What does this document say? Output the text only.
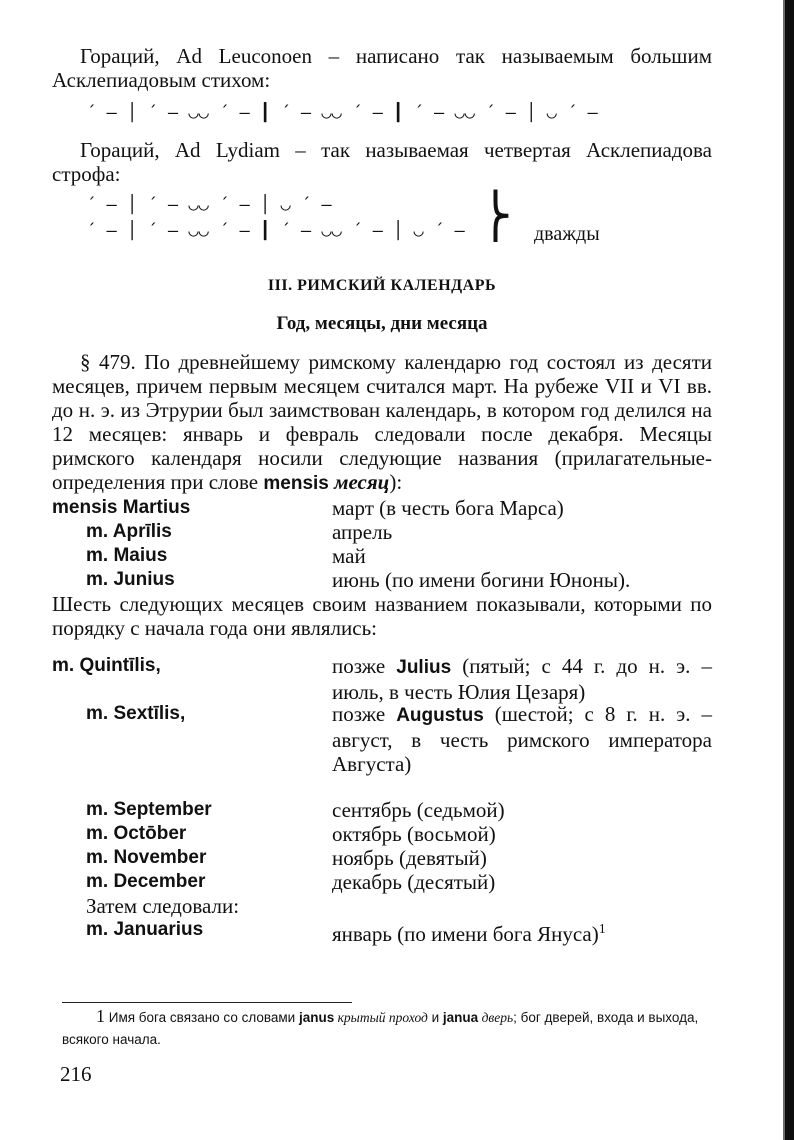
Гораций, Ad Leuconoen – написано так называемым большим Асклепиадовым стихом:

´ ‒ │ ´ ‒ ◡◡ ´ ‒ ┃ ´ ‒ ◡◡ ´ ‒ ┃ ´ ‒ ◡◡ ´ ‒ │ ◡ ´ ‒

Гораций, Ad Lydiam – так называемая четвертая Асклепиадова строфа:

´ ‒ │ ´ ‒ ◡◡ ´ ‒ │ ◡ ´ ‒
´ ‒ │ ´ ‒ ◡◡ ´ ‒ ┃ ´ ‒ ◡◡ ´ ‒ │ ◡ ´ ‒ ⎬ дважды
III. РИМСКИЙ КАЛЕНДАРЬ
Год, месяцы, дни месяца

§ 479. По древнейшему римскому календарю год состоял из десяти месяцев, причем первым месяцем считался март. На рубеже VII и VI вв. до н. э. из Этрурии был заимствован календарь, в котором год делился на 12 месяцев: январь и февраль следовали после декабря. Месяцы римского календаря носили следующие названия (прилагательные-определения при слове mensis месяц):

mensis Martius	март (в честь бога Марса)
m. Aprīlis	апрель
m. Maius	май
m. Junius	июнь (по имени богини Юноны).

Шесть следующих месяцев своим названием показывали, которыми по порядку с начала года они являлись:

m. Quintīlis,	позже Julius (пятый; с 44 г. до н. э. – июль, в честь Юлия Цезаря)
m. Sextīlis,	позже Augustus (шестой; с 8 г. н. э. – август, в честь римского императора Августа)
m. September	сентябрь (седьмой)
m. Octōber	октябрь (восьмой)
m. November	ноябрь (девятый)
m. December	декабрь (десятый)
Затем следовали:
m. Januarius	январь (по имени бога Януса)$^1$
1 Имя бога связано со словами janus крытый проход и janua дверь; бог дверей, входа и выхода, всякого начала.
216
